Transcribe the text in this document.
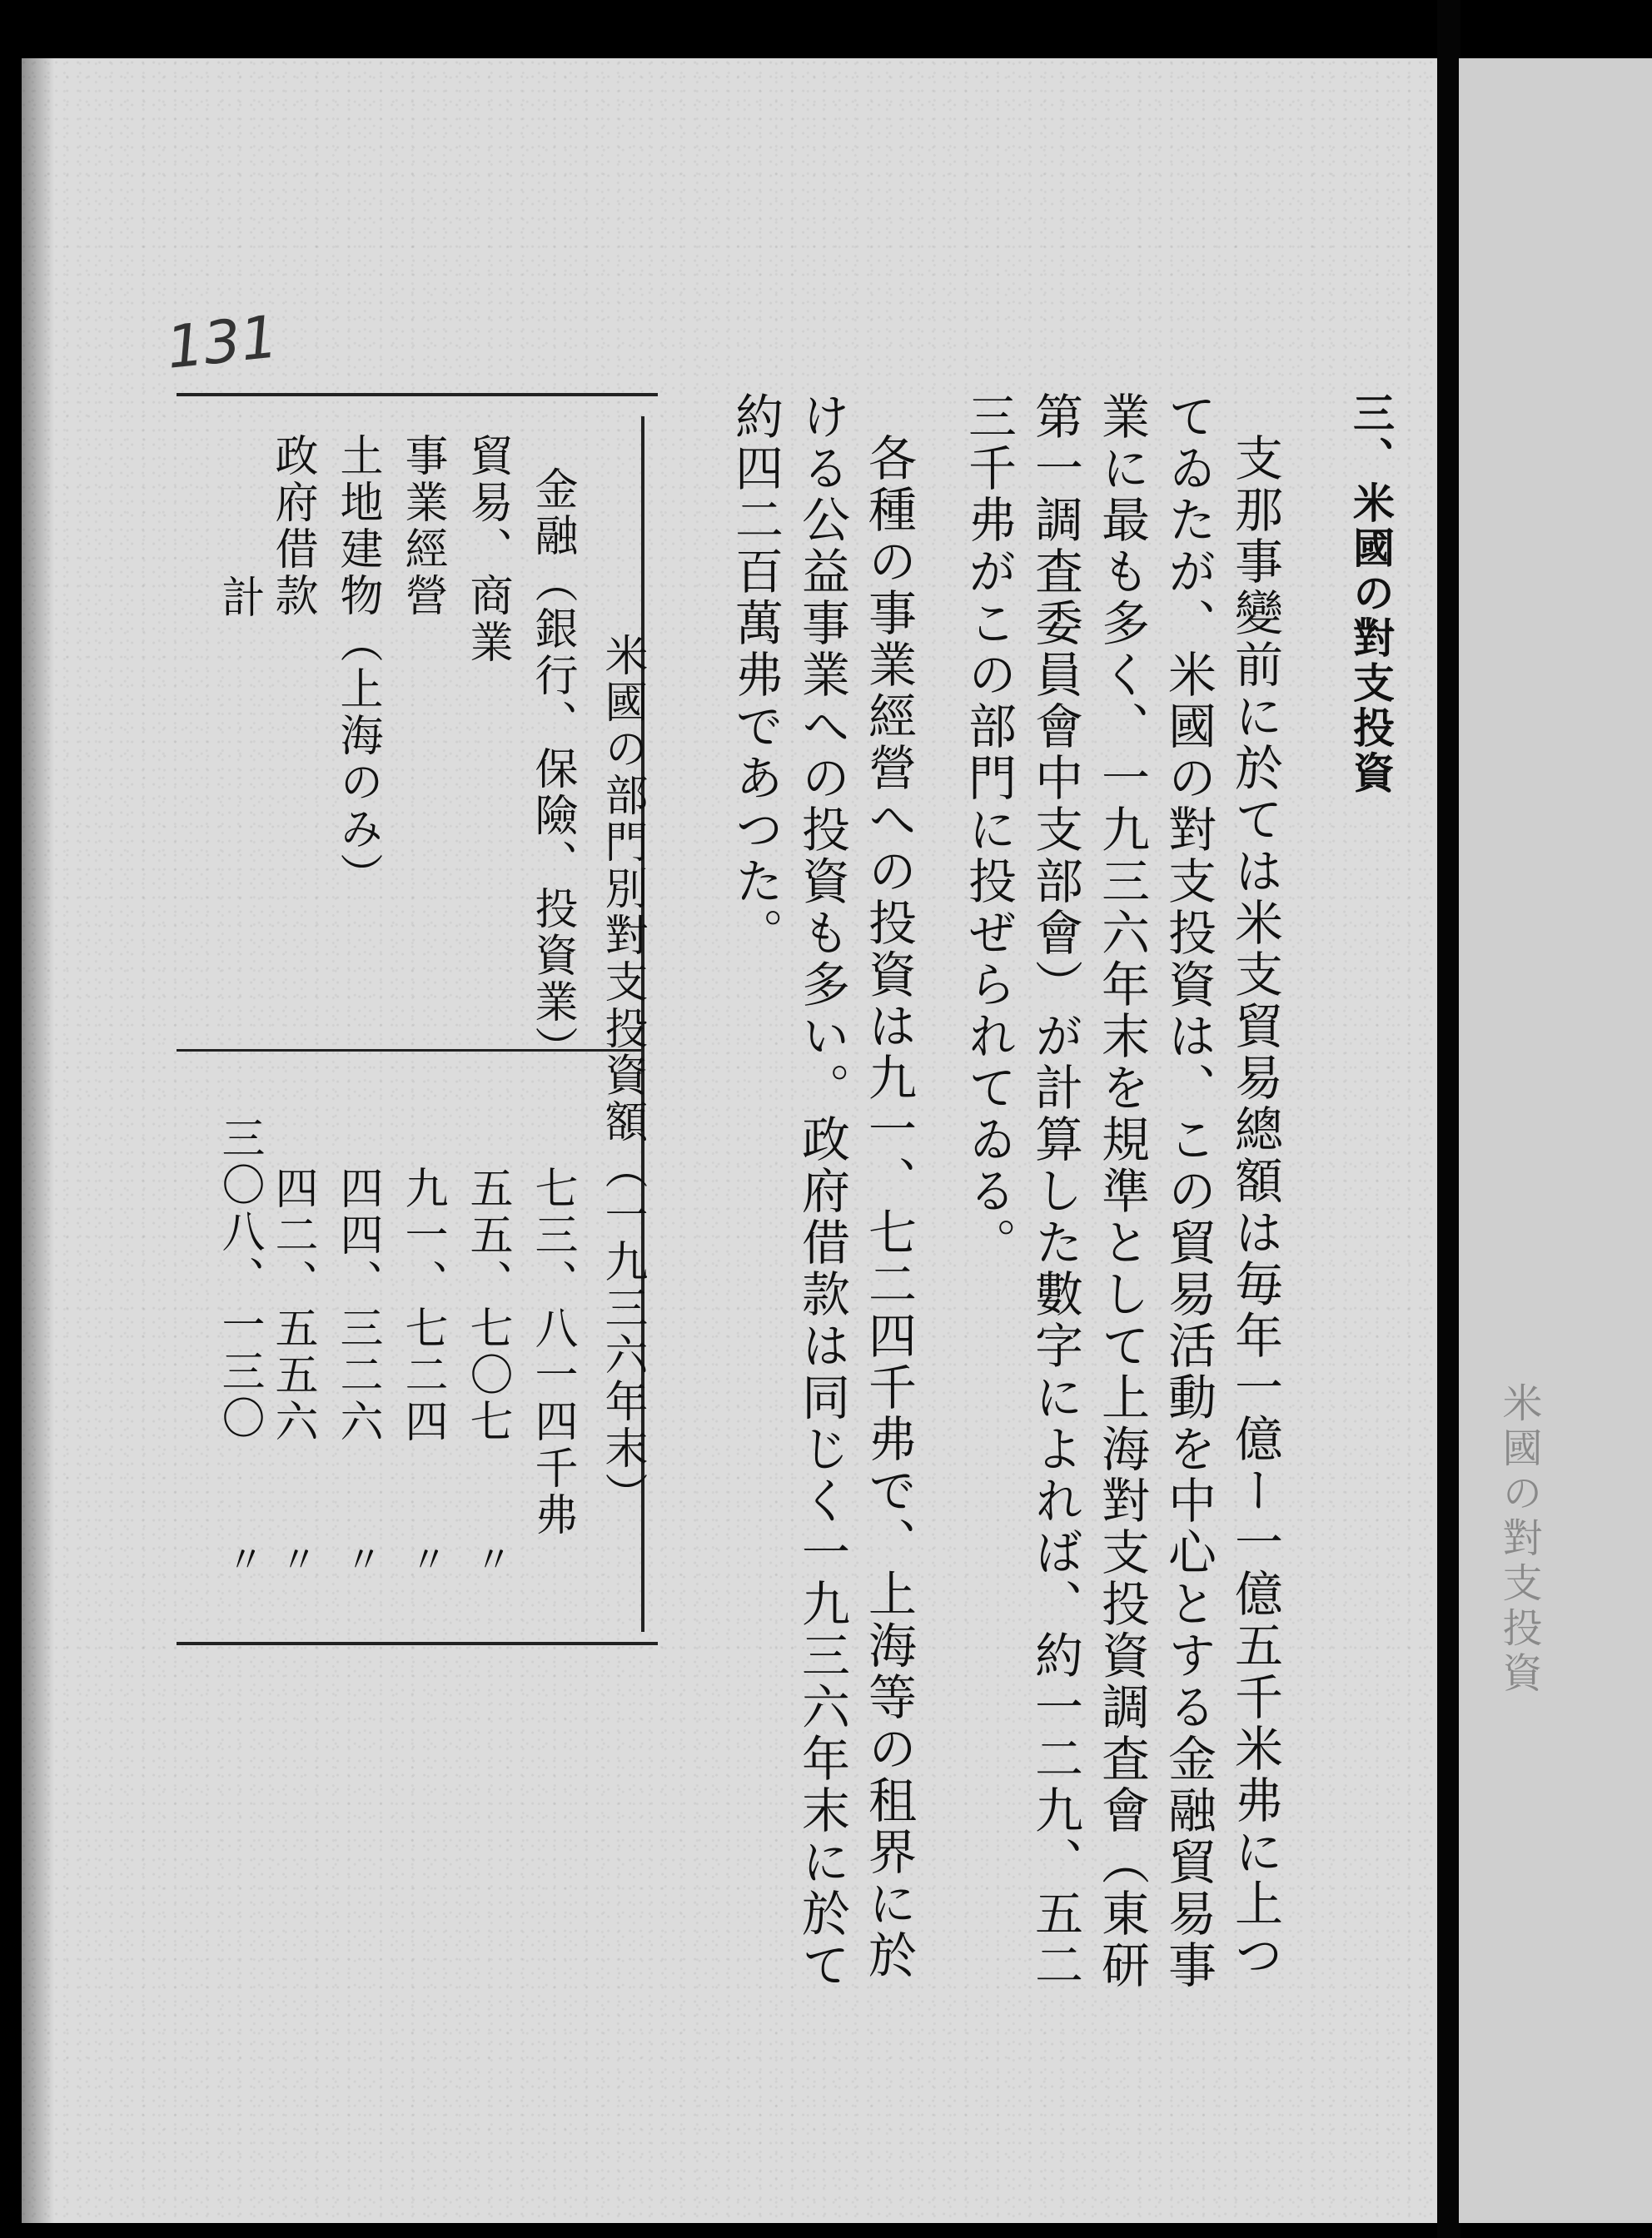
米國の對支投資
131
三、米國の對支投資
支那事變前に於ては米支貿易總額は毎年一億ー一億五千米弗に上つ
てゐたが、米國の對支投資は、この貿易活動を中心とする金融貿易事
業に最も多く、一九三六年末を規準として上海對支投資調査會（東研
第一調査委員會中支部會）が計算した數字によれば、約一二九、五二
三千弗がこの部門に投ぜられてゐる。
各種の事業經營への投資は九一、七二四千弗で、上海等の租界に於
ける公益事業への投資も多い。政府借款は同じく一九三六年末に於て
約四二百萬弗であつた。
米國の部門別對支投資額（一九三六年末）
金融（銀行、保險、投資業）
貿易、商業
事業經營
土地建物（上海のみ）
政府借款
計
七三、八一四千弗
五五、七〇七
〃
九一、七二四
〃
四四、三二六
〃
四二、五五六
〃
三〇八、一三〇
〃
